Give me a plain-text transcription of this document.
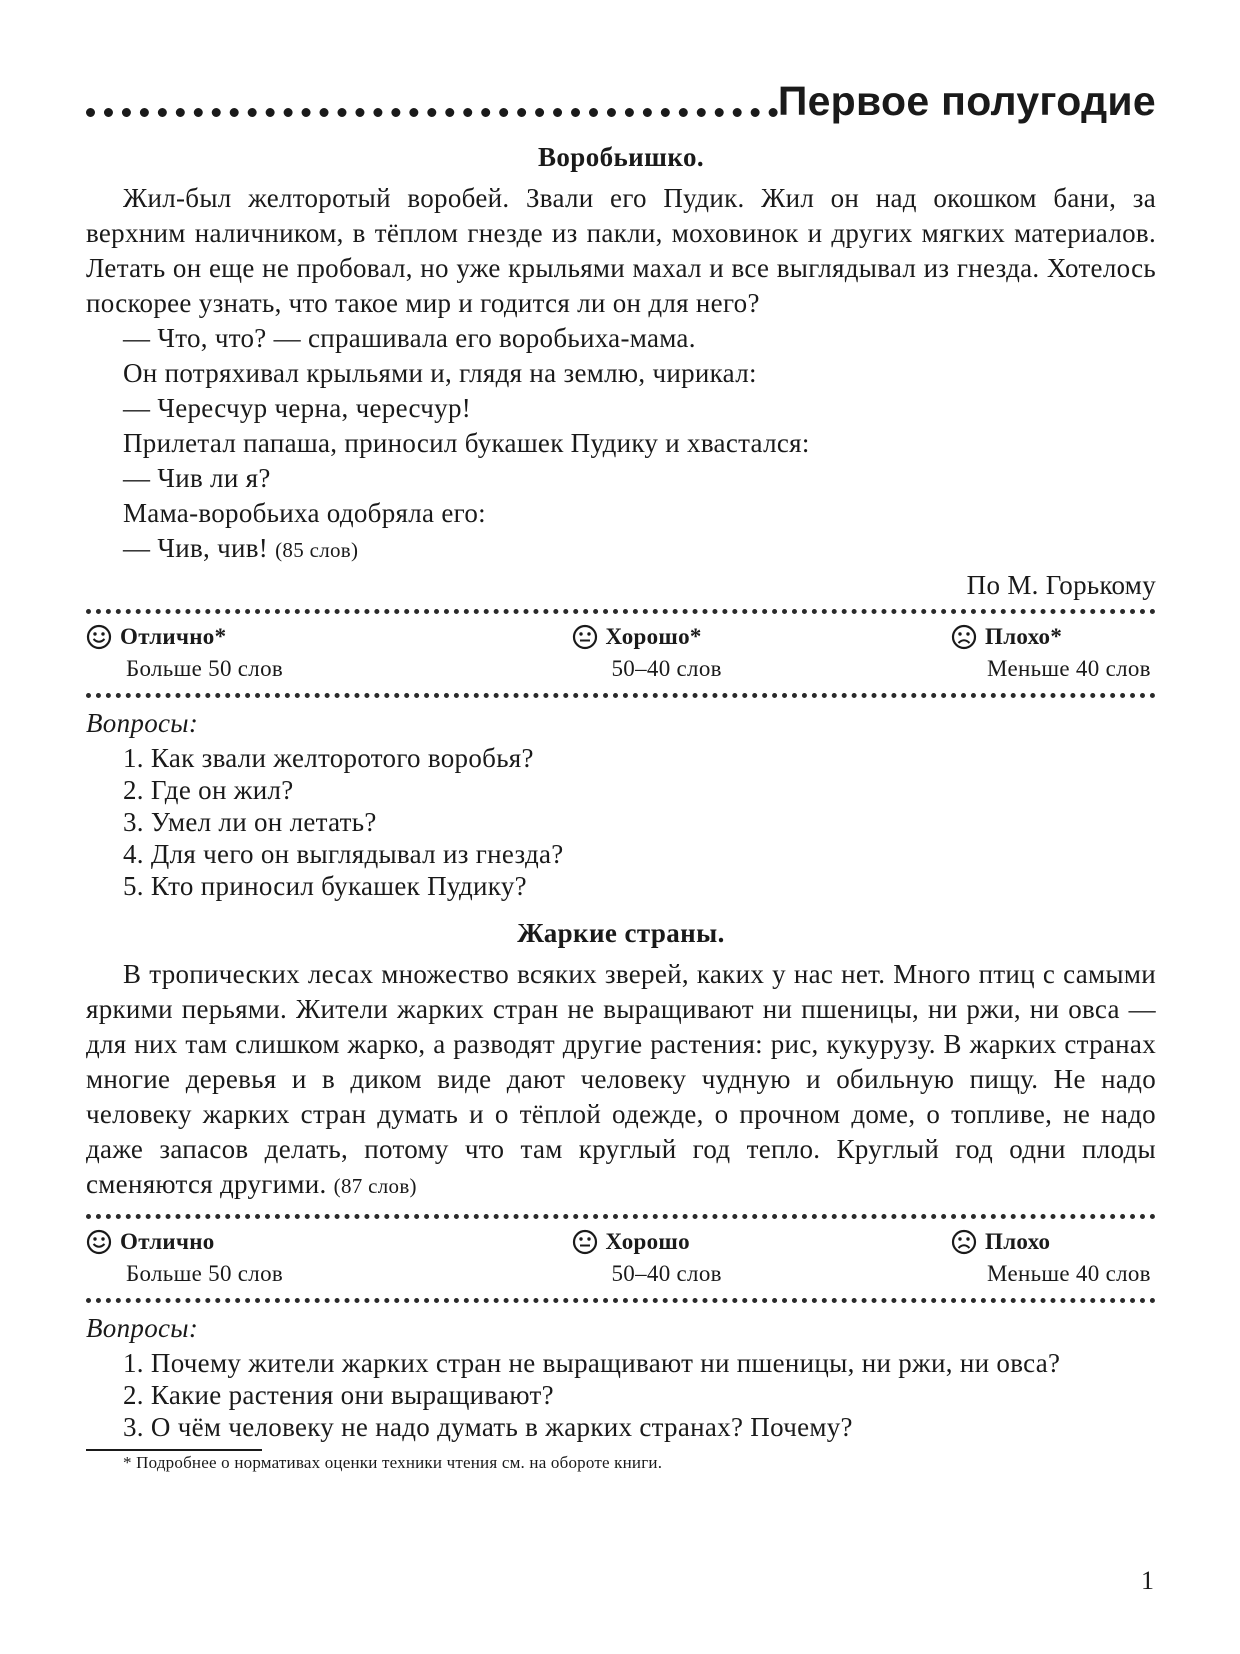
Первое полугодие
Воробьишко.

Жил-был желторотый воробей. Звали его Пудик. Жил он над окошком бани, за верхним наличником, в тёплом гнезде из пакли, моховинок и других мягких материалов. Летать он еще не пробовал, но уже крыльями махал и все выглядывал из гнезда. Хотелось поскорее узнать, что такое мир и годится ли он для него?

— Что, что? — спрашивала его воробьиха-мама.

Он потряхивал крыльями и, глядя на землю, чирикал:

— Чересчур черна, чересчур!

Прилетал папаша, приносил букашек Пудику и хвастался:

— Чив ли я?

Мама-воробьиха одобряла его:

— Чив, чив! (85 слов)

По М. Горькому

Отлично*
Больше 50 слов
Хорошо*
50–40 слов
Плохо*
Меньше 40 слов
Вопросы:
1. Как звали желторотого воробья?
2. Где он жил?
3. Умел ли он летать?
4. Для чего он выглядывал из гнезда?
5. Кто приносил букашек Пудику?
Жаркие страны.

В тропических лесах множество всяких зверей, каких у нас нет. Много птиц с самыми яркими перьями. Жители жарких стран не выращивают ни пшеницы, ни ржи, ни овса — для них там слишком жарко, а разводят другие растения: рис, кукурузу. В жарких странах многие деревья и в диком виде дают человеку чудную и обильную пищу. Не надо человеку жарких стран думать и о тёплой одежде, о прочном доме, о топливе, не надо даже запасов делать, потому что там круглый год тепло. Круглый год одни плоды сменяются другими. (87 слов)

Отлично
Больше 50 слов
Хорошо
50–40 слов
Плохо
Меньше 40 слов
Вопросы:
1. Почему жители жарких стран не выращивают ни пшеницы, ни ржи, ни овса?
2. Какие растения они выращивают?
3. О чём человеку не надо думать в жарких странах? Почему?
* Подробнее о нормативах оценки техники чтения см. на обороте книги.
1
